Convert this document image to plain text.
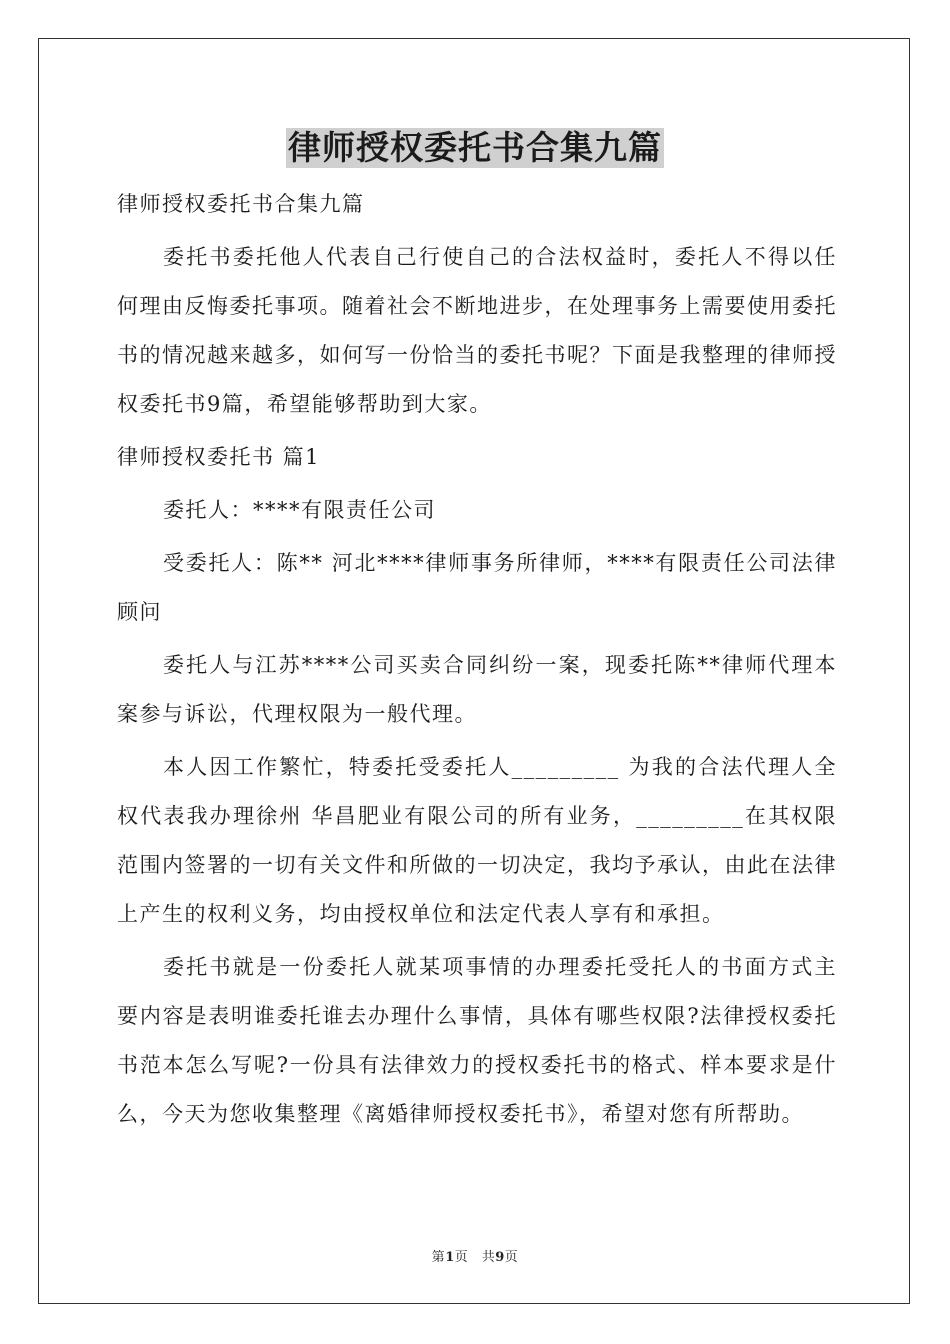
律师授权委托书合集九篇

律师授权委托书合集九篇

委托书委托他人代表自己行使自己的合法权益时，委托人不得以任何理由反悔委托事项。随着社会不断地进步，在处理事务上需要使用委托书的情况越来越多，如何写一份恰当的委托书呢？下面是我整理的律师授权委托书9篇，希望能够帮助到大家。

律师授权委托书 篇1

委托人：****有限责任公司

受委托人：陈** 河北****律师事务所律师，****有限责任公司法律顾问

委托人与江苏****公司买卖合同纠纷一案，现委托陈**律师代理本案参与诉讼，代理权限为一般代理。

本人因工作繁忙，特委托受委托人_________ 为我的合法代理人全权代表我办理徐州 华昌肥业有限公司的所有业务，_________在其权限范围内签署的一切有关文件和所做的一切决定，我均予承认，由此在法律上产生的权利义务，均由授权单位和法定代表人享有和承担。

委托书就是一份委托人就某项事情的办理委托受托人的书面方式主要内容是表明谁委托谁去办理什么事情，具体有哪些权限?法律授权委托书范本怎么写呢?一份具有法律效力的授权委托书的格式、样本要求是什么，今天为您收集整理《离婚律师授权委托书》，希望对您有所帮助。

第1页　共9页
